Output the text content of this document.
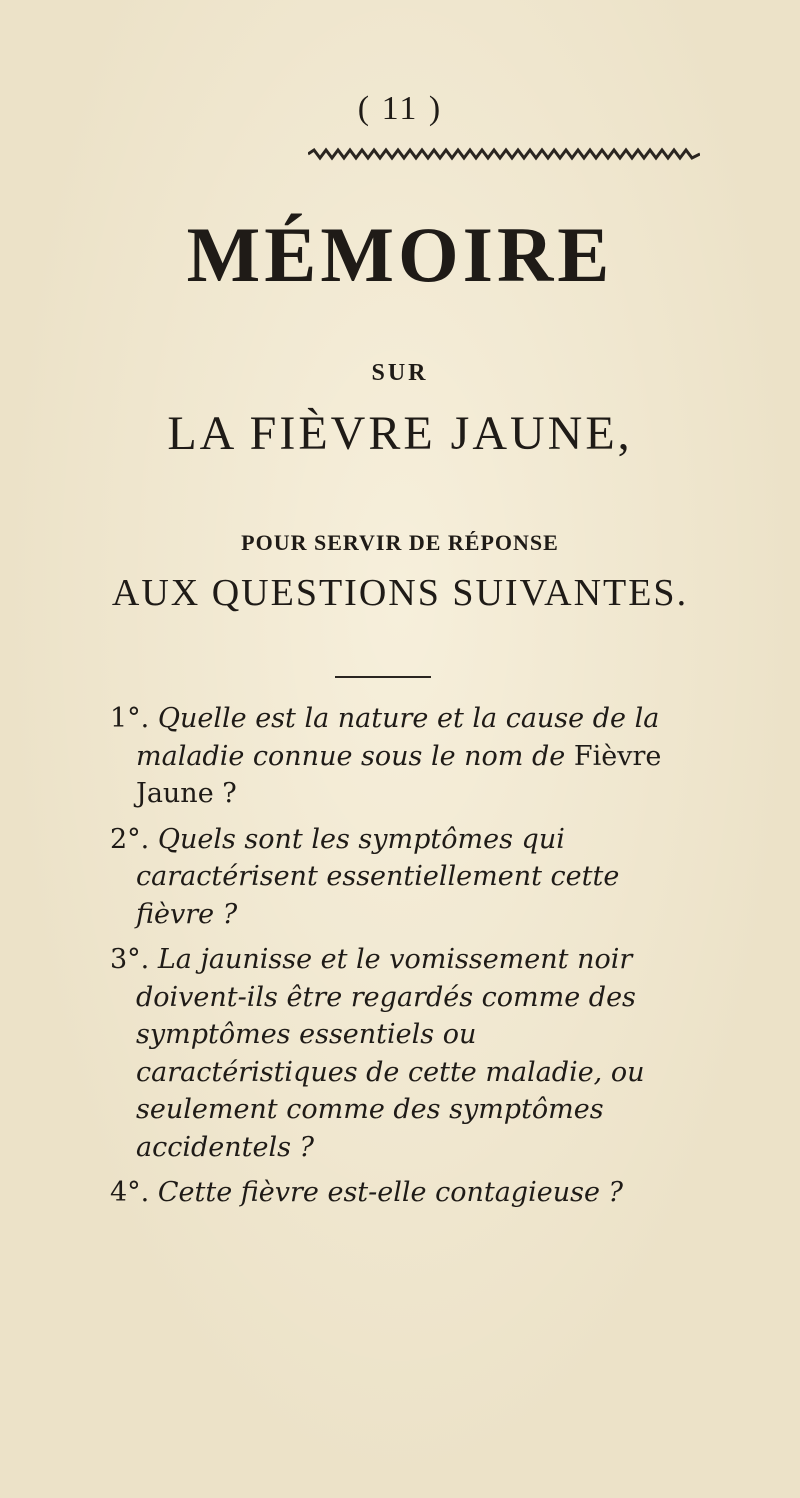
( 11 )
MÉMOIRE
SUR
LA FIÈVRE JAUNE,
POUR SERVIR DE RÉPONSE
AUX QUESTIONS SUIVANTES.

1°. Quelle est la nature et la cause de la maladie connue sous le nom de Fièvre Jaune ?

2°. Quels sont les symptômes qui caractérisent essentiellement cette fièvre ?

3°. La jaunisse et le vomissement noir doivent-ils être regardés comme des symptômes essentiels ou caractéristiques de cette maladie, ou seulement comme des symptômes accidentels ?

4°. Cette fièvre est-elle contagieuse ?
